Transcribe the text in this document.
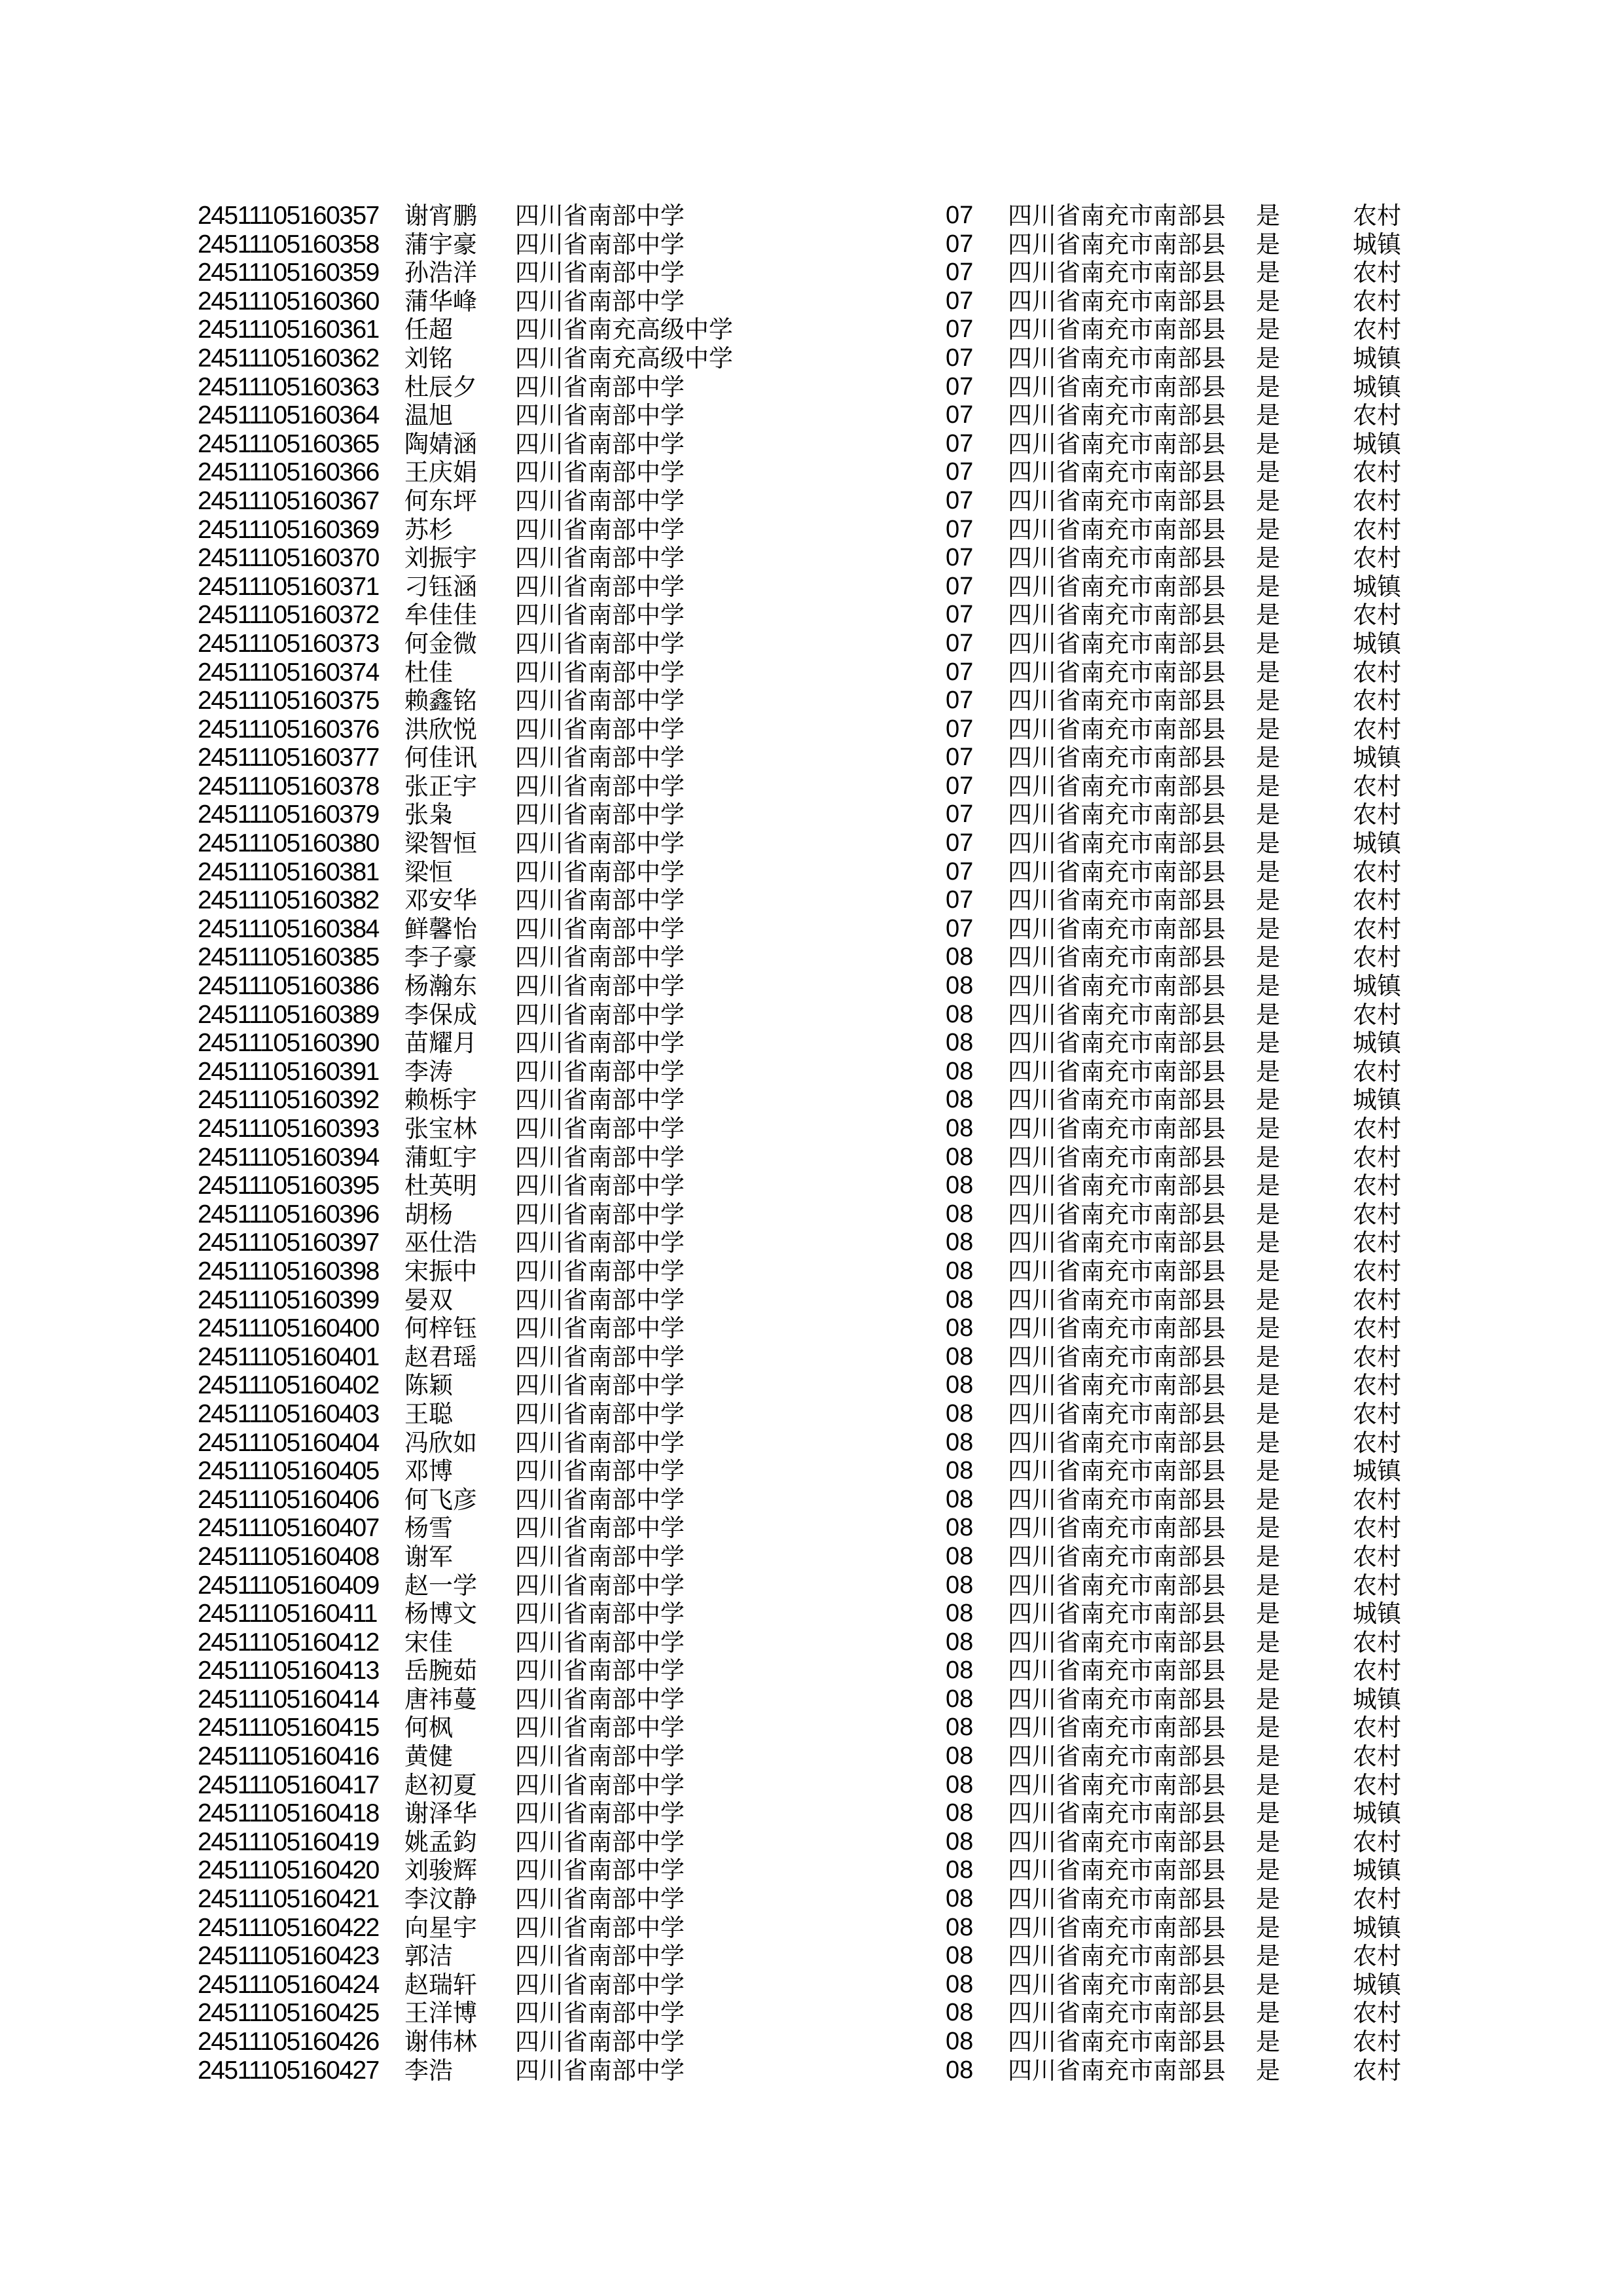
24511105160357	谢宵鹏	四川省南部中学	07	四川省南充市南部县	是	农村
24511105160358	蒲宇豪	四川省南部中学	07	四川省南充市南部县	是	城镇
24511105160359	孙浩洋	四川省南部中学	07	四川省南充市南部县	是	农村
24511105160360	蒲华峰	四川省南部中学	07	四川省南充市南部县	是	农村
24511105160361	任超	四川省南充高级中学	07	四川省南充市南部县	是	农村
24511105160362	刘铭	四川省南充高级中学	07	四川省南充市南部县	是	城镇
24511105160363	杜辰夕	四川省南部中学	07	四川省南充市南部县	是	城镇
24511105160364	温旭	四川省南部中学	07	四川省南充市南部县	是	农村
24511105160365	陶婧涵	四川省南部中学	07	四川省南充市南部县	是	城镇
24511105160366	王庆娟	四川省南部中学	07	四川省南充市南部县	是	农村
24511105160367	何东坪	四川省南部中学	07	四川省南充市南部县	是	农村
24511105160369	苏杉	四川省南部中学	07	四川省南充市南部县	是	农村
24511105160370	刘振宇	四川省南部中学	07	四川省南充市南部县	是	农村
24511105160371	刁钰涵	四川省南部中学	07	四川省南充市南部县	是	城镇
24511105160372	牟佳佳	四川省南部中学	07	四川省南充市南部县	是	农村
24511105160373	何金微	四川省南部中学	07	四川省南充市南部县	是	城镇
24511105160374	杜佳	四川省南部中学	07	四川省南充市南部县	是	农村
24511105160375	赖鑫铭	四川省南部中学	07	四川省南充市南部县	是	农村
24511105160376	洪欣悦	四川省南部中学	07	四川省南充市南部县	是	农村
24511105160377	何佳讯	四川省南部中学	07	四川省南充市南部县	是	城镇
24511105160378	张正宇	四川省南部中学	07	四川省南充市南部县	是	农村
24511105160379	张枭	四川省南部中学	07	四川省南充市南部县	是	农村
24511105160380	梁智恒	四川省南部中学	07	四川省南充市南部县	是	城镇
24511105160381	梁恒	四川省南部中学	07	四川省南充市南部县	是	农村
24511105160382	邓安华	四川省南部中学	07	四川省南充市南部县	是	农村
24511105160384	鲜馨怡	四川省南部中学	07	四川省南充市南部县	是	农村
24511105160385	李子豪	四川省南部中学	08	四川省南充市南部县	是	农村
24511105160386	杨瀚东	四川省南部中学	08	四川省南充市南部县	是	城镇
24511105160389	李保成	四川省南部中学	08	四川省南充市南部县	是	农村
24511105160390	苗耀月	四川省南部中学	08	四川省南充市南部县	是	城镇
24511105160391	李涛	四川省南部中学	08	四川省南充市南部县	是	农村
24511105160392	赖栎宇	四川省南部中学	08	四川省南充市南部县	是	城镇
24511105160393	张宝林	四川省南部中学	08	四川省南充市南部县	是	农村
24511105160394	蒲虹宇	四川省南部中学	08	四川省南充市南部县	是	农村
24511105160395	杜英明	四川省南部中学	08	四川省南充市南部县	是	农村
24511105160396	胡杨	四川省南部中学	08	四川省南充市南部县	是	农村
24511105160397	巫仕浩	四川省南部中学	08	四川省南充市南部县	是	农村
24511105160398	宋振中	四川省南部中学	08	四川省南充市南部县	是	农村
24511105160399	晏双	四川省南部中学	08	四川省南充市南部县	是	农村
24511105160400	何梓钰	四川省南部中学	08	四川省南充市南部县	是	农村
24511105160401	赵君瑶	四川省南部中学	08	四川省南充市南部县	是	农村
24511105160402	陈颖	四川省南部中学	08	四川省南充市南部县	是	农村
24511105160403	王聪	四川省南部中学	08	四川省南充市南部县	是	农村
24511105160404	冯欣如	四川省南部中学	08	四川省南充市南部县	是	农村
24511105160405	邓博	四川省南部中学	08	四川省南充市南部县	是	城镇
24511105160406	何飞彦	四川省南部中学	08	四川省南充市南部县	是	农村
24511105160407	杨雪	四川省南部中学	08	四川省南充市南部县	是	农村
24511105160408	谢军	四川省南部中学	08	四川省南充市南部县	是	农村
24511105160409	赵一学	四川省南部中学	08	四川省南充市南部县	是	农村
24511105160411	杨博文	四川省南部中学	08	四川省南充市南部县	是	城镇
24511105160412	宋佳	四川省南部中学	08	四川省南充市南部县	是	农村
24511105160413	岳腕茹	四川省南部中学	08	四川省南充市南部县	是	农村
24511105160414	唐祎蔓	四川省南部中学	08	四川省南充市南部县	是	城镇
24511105160415	何枫	四川省南部中学	08	四川省南充市南部县	是	农村
24511105160416	黄健	四川省南部中学	08	四川省南充市南部县	是	农村
24511105160417	赵初夏	四川省南部中学	08	四川省南充市南部县	是	农村
24511105160418	谢泽华	四川省南部中学	08	四川省南充市南部县	是	城镇
24511105160419	姚孟鈞	四川省南部中学	08	四川省南充市南部县	是	农村
24511105160420	刘骏辉	四川省南部中学	08	四川省南充市南部县	是	城镇
24511105160421	李汶静	四川省南部中学	08	四川省南充市南部县	是	农村
24511105160422	向星宇	四川省南部中学	08	四川省南充市南部县	是	城镇
24511105160423	郭洁	四川省南部中学	08	四川省南充市南部县	是	农村
24511105160424	赵瑞轩	四川省南部中学	08	四川省南充市南部县	是	城镇
24511105160425	王洋博	四川省南部中学	08	四川省南充市南部县	是	农村
24511105160426	谢伟林	四川省南部中学	08	四川省南充市南部县	是	农村
24511105160427	李浩	四川省南部中学	08	四川省南充市南部县	是	农村
